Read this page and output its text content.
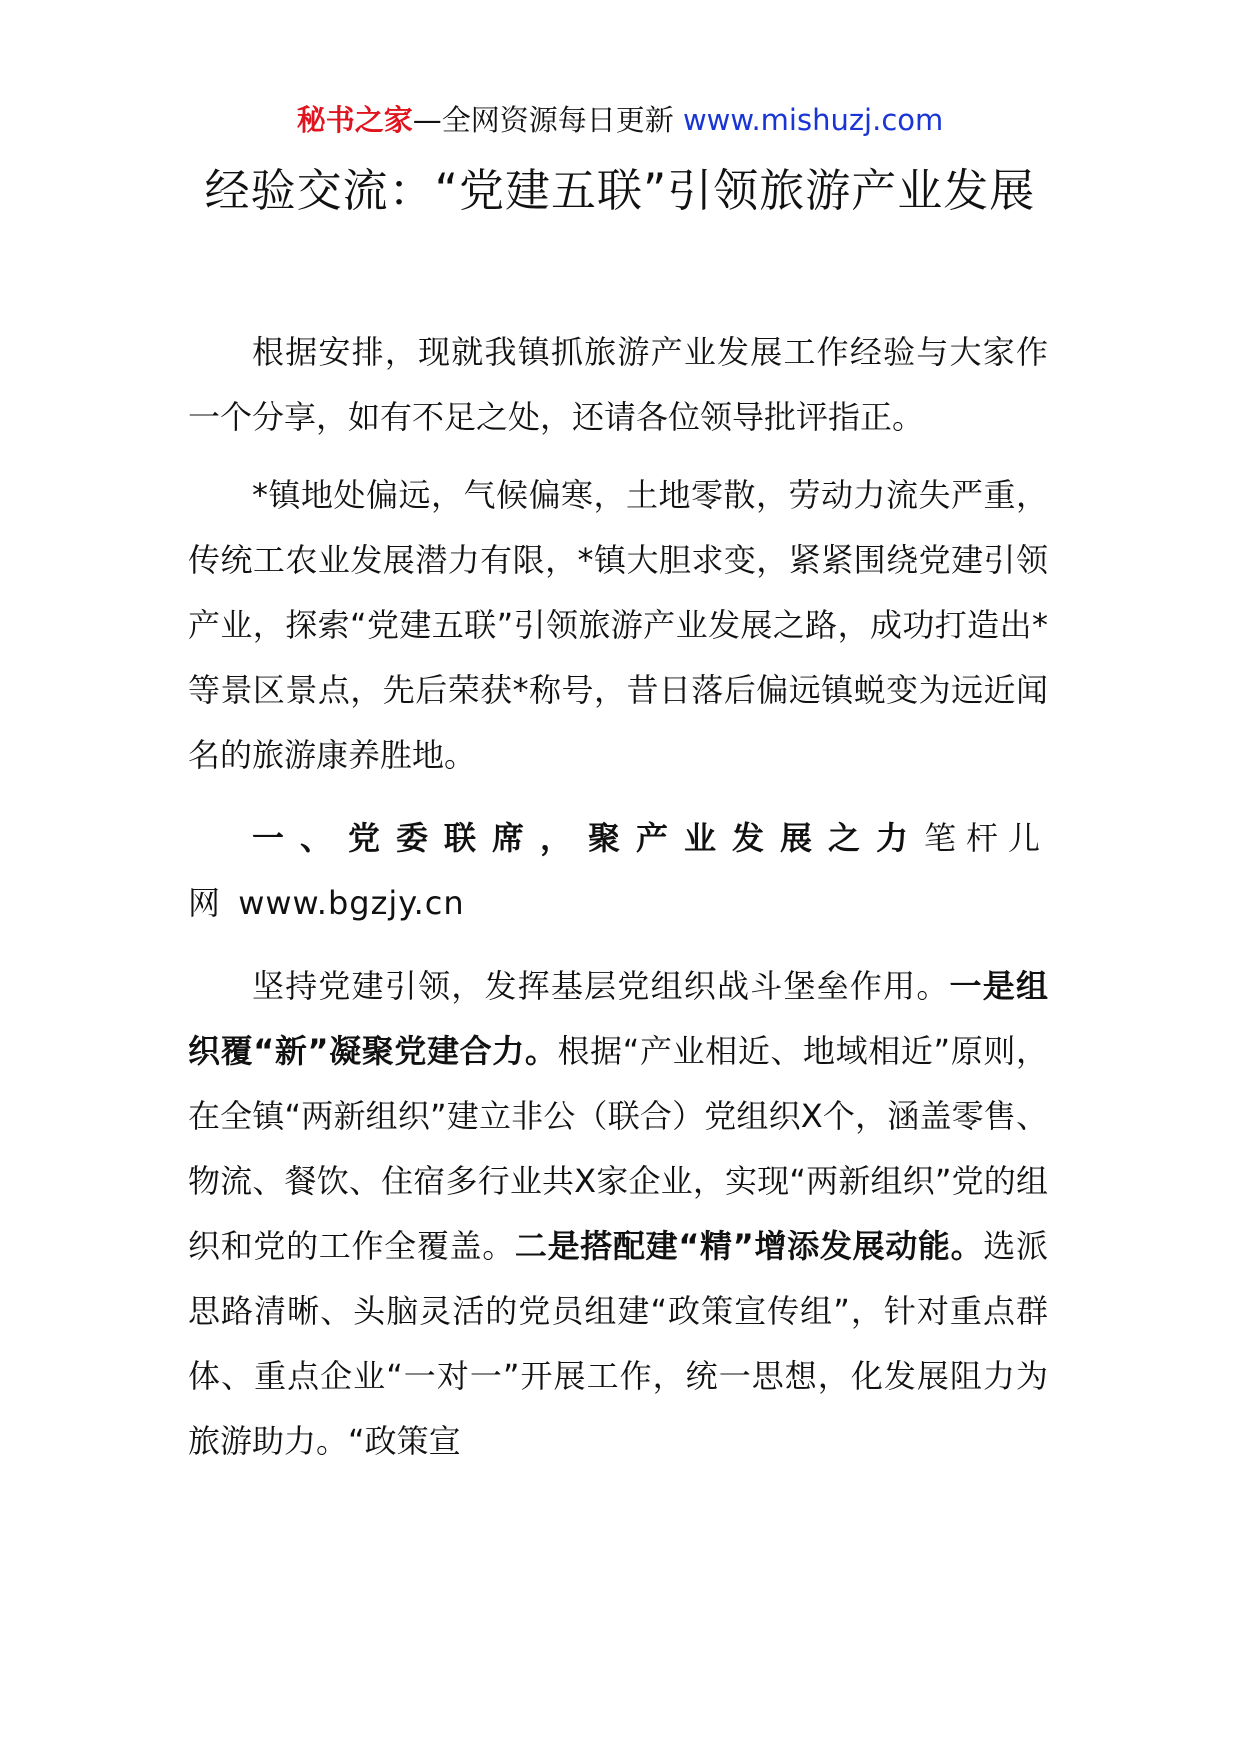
秘书之家—全网资源每日更新 www.mishuzj.com
经验交流：“党建五联”引领旅游产业发展

根据安排，现就我镇抓旅游产业发展工作经验与大家作一个分享，如有不足之处，还请各位领导批评指正。

*镇地处偏远，气候偏寒，土地零散，劳动力流失严重，传统工农业发展潜力有限，*镇大胆求变，紧紧围绕党建引领产业，探索“党建五联”引领旅游产业发展之路，成功打造出*等景区景点，先后荣获*称号，昔日落后偏远镇蜕变为远近闻名的旅游康养胜地。

一、党委联席，聚产业发展之力笔杆儿网 www.bgzjy.cn

坚持党建引领，发挥基层党组织战斗堡垒作用。一是组织覆“新”凝聚党建合力。根据“产业相近、地域相近”原则，在全镇“两新组织”建立非公（联合）党组织X个，涵盖零售、物流、餐饮、住宿多行业共X家企业，实现“两新组织”党的组织和党的工作全覆盖。二是搭配建“精”增添发展动能。选派思路清晰、头脑灵活的党员组建“政策宣传组”，针对重点群体、重点企业“一对一”开展工作，统一思想，化发展阻力为旅游助力。“政策宣
